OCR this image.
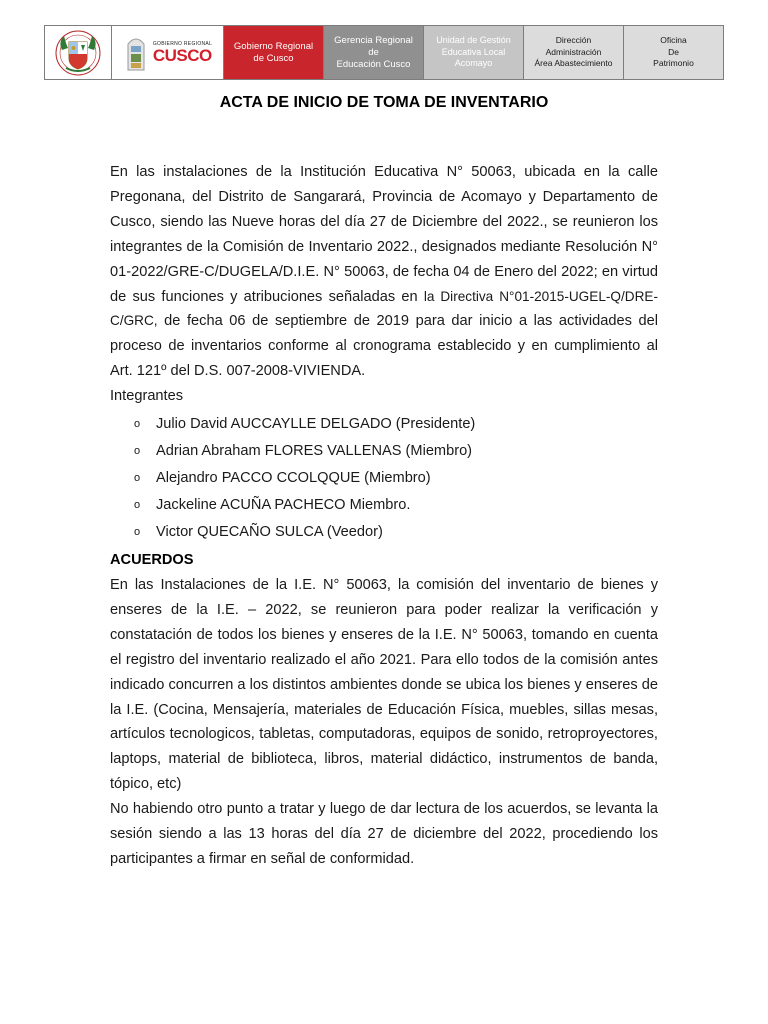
GOBIERNO REGIONAL
CUSCO Gobierno Regional
de Cusco
Gerencia Regional de
Educación Cusco
Unidad de Gestión
Educativa Local
Acomayo
Dirección
Administración
Área Abastecimiento
Oficina
De
Patrimonio
ACTA DE INICIO DE TOMA DE INVENTARIO

En las instalaciones de la Institución Educativa N° 50063, ubicada en la calle Pregonana, del Distrito de Sangarará, Provincia de Acomayo y Departamento de Cusco, siendo las Nueve horas del día 27 de Diciembre del 2022., se reunieron los integrantes de la Comisión de Inventario 2022., designados mediante Resolución N° 01-2022/GRE-C/DUGELA/D.I.E. N° 50063, de fecha 04 de Enero del 2022; en virtud de sus funciones y atribuciones señaladas en la Directiva N°01-2015-UGEL-Q/DRE-C/GRC, de fecha 06 de septiembre de 2019 para dar inicio a las actividades del proceso de inventarios conforme al cronograma establecido y en cumplimiento al Art. 121º del D.S. 007-2008-VIVIENDA.

Integrantes

o Julio David AUCCAYLLE DELGADO (Presidente)
o Adrian Abraham FLORES VALLENAS (Miembro)
o Alejandro PACCO CCOLQQUE (Miembro)
o Jackeline ACUÑA PACHECO Miembro.
o Victor QUECAÑO SULCA (Veedor)

ACUERDOS

En las Instalaciones de la I.E. N° 50063, la comisión del inventario de bienes y enseres de la I.E. – 2022, se reunieron para poder realizar la verificación y constatación de todos los bienes y enseres de la I.E. N° 50063, tomando en cuenta el registro del inventario realizado el año 2021. Para ello todos de la comisión antes indicado concurren a los distintos ambientes donde se ubica los bienes y enseres de la I.E. (Cocina, Mensajería, materiales de Educación Física, muebles, sillas mesas, artículos tecnologicos, tabletas, computadoras, equipos de sonido, retroproyectores, laptops, material de biblioteca, libros, material didáctico, instrumentos de banda, tópico, etc)

No habiendo otro punto a tratar y luego de dar lectura de los acuerdos, se levanta la sesión siendo a las 13 horas del día 27 de diciembre del 2022, procediendo los participantes a firmar en señal de conformidad.
